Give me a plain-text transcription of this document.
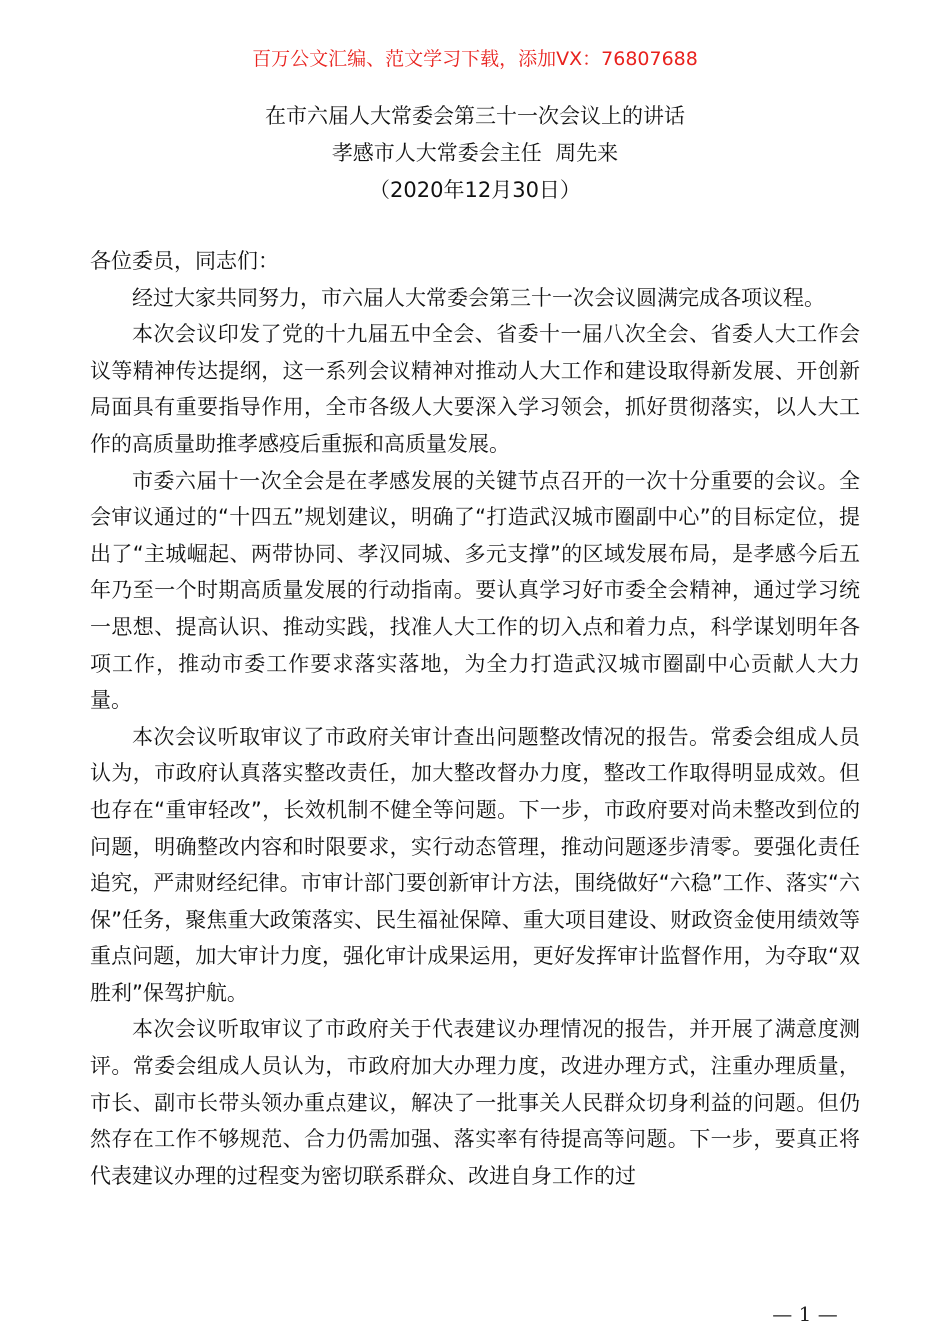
百万公文汇编、范文学习下载，添加VX：76807688
在市六届人大常委会第三十一次会议上的讲话
孝感市人大常委会主任  周先来
（2020年12月30日）

各位委员，同志们：

经过大家共同努力，市六届人大常委会第三十一次会议圆满完成各项议程。

本次会议印发了党的十九届五中全会、省委十一届八次全会、省委人大工作会议等精神传达提纲，这一系列会议精神对推动人大工作和建设取得新发展、开创新局面具有重要指导作用，全市各级人大要深入学习领会，抓好贯彻落实，以人大工作的高质量助推孝感疫后重振和高质量发展。

市委六届十一次全会是在孝感发展的关键节点召开的一次十分重要的会议。全会审议通过的“十四五”规划建议，明确了“打造武汉城市圈副中心”的目标定位，提出了“主城崛起、两带协同、孝汉同城、多元支撑”的区域发展布局，是孝感今后五年乃至一个时期高质量发展的行动指南。要认真学习好市委全会精神，通过学习统一思想、提高认识、推动实践，找准人大工作的切入点和着力点，科学谋划明年各项工作，推动市委工作要求落实落地，为全力打造武汉城市圈副中心贡献人大力量。

本次会议听取审议了市政府关审计查出问题整改情况的报告。常委会组成人员认为，市政府认真落实整改责任，加大整改督办力度，整改工作取得明显成效。但也存在“重审轻改”，长效机制不健全等问题。下一步，市政府要对尚未整改到位的问题，明确整改内容和时限要求，实行动态管理，推动问题逐步清零。要强化责任追究，严肃财经纪律。市审计部门要创新审计方法，围绕做好“六稳”工作、落实“六保”任务，聚焦重大政策落实、民生福祉保障、重大项目建设、财政资金使用绩效等重点问题，加大审计力度，强化审计成果运用，更好发挥审计监督作用，为夺取“双胜利”保驾护航。

本次会议听取审议了市政府关于代表建议办理情况的报告，并开展了满意度测评。常委会组成人员认为，市政府加大办理力度，改进办理方式，注重办理质量，市长、副市长带头领办重点建议，解决了一批事关人民群众切身利益的问题。但仍然存在工作不够规范、合力仍需加强、落实率有待提高等问题。下一步，要真正将代表建议办理的过程变为密切联系群众、改进自身工作的过

— 1 —
